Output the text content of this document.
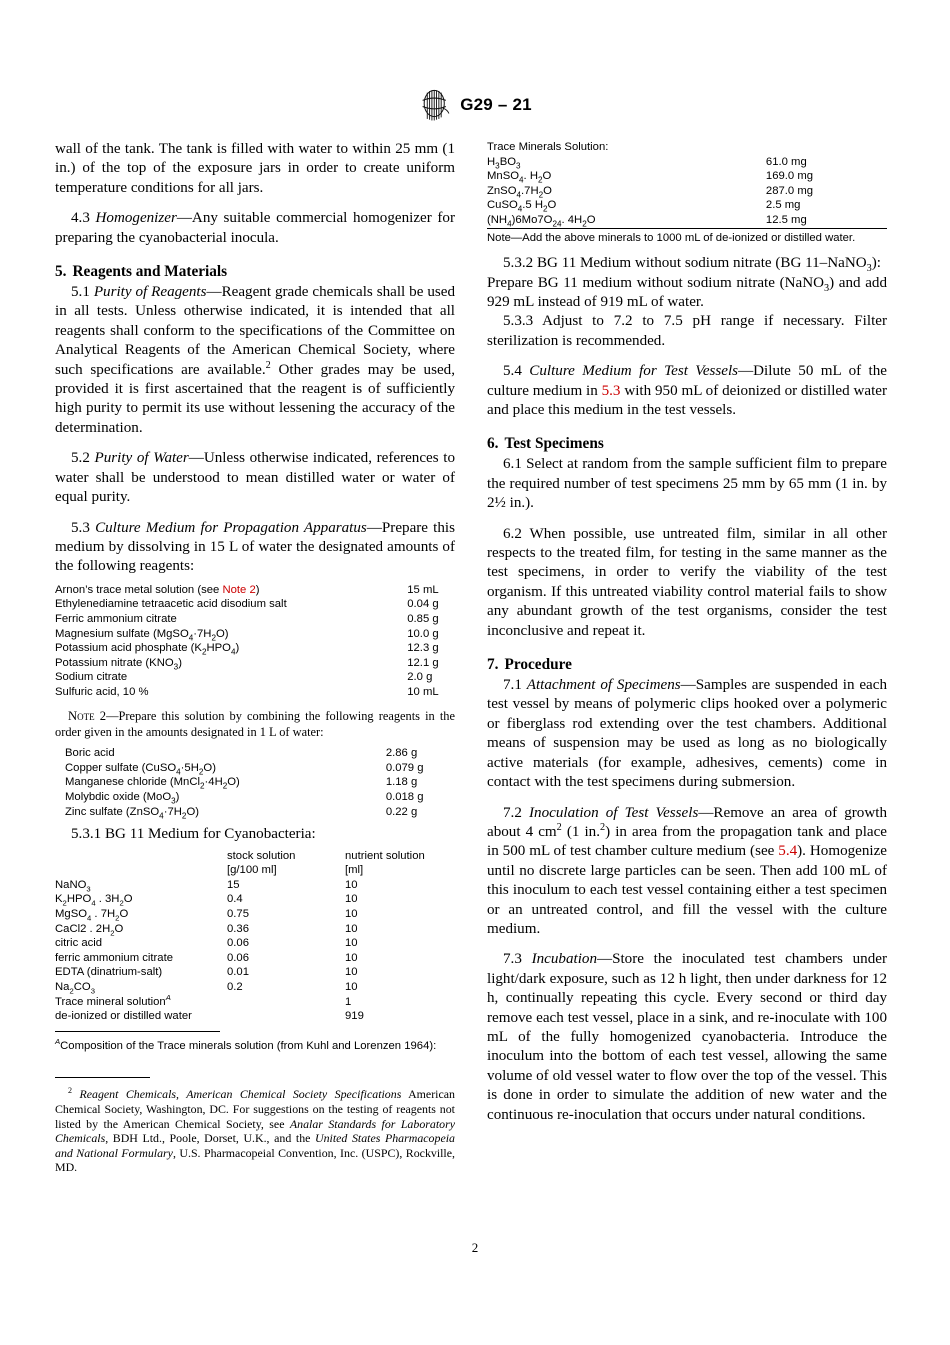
G29 – 21

wall of the tank. The tank is filled with water to within 25 mm (1 in.) of the top of the exposure jars in order to create uniform temperature conditions for all jars.

4.3 Homogenizer—Any suitable commercial homogenizer for preparing the cyanobacterial inocula.

5. Reagents and Materials

5.1 Purity of Reagents—Reagent grade chemicals shall be used in all tests. Unless otherwise indicated, it is intended that all reagents shall conform to the specifications of the Committee on Analytical Reagents of the American Chemical Society, where such specifications are available.$^2$ Other grades may be used, provided it is first ascertained that the reagent is of sufficiently high purity to permit its use without lessening the accuracy of the determination.

5.2 Purity of Water—Unless otherwise indicated, references to water shall be understood to mean distilled water or water of equal purity.

5.3 Culture Medium for Propagation Apparatus—Prepare this medium by dissolving in 15 L of water the designated amounts of the following reagents:

Arnon’s trace metal solution (see Note 2)	15 mL
Ethylenediamine tetraacetic acid disodium salt	0.04 g
Ferric ammonium citrate	0.85 g
Magnesium sulfate $(MgSO_4\cdot 7H_2O)$	10.0 g
Potassium acid phosphate $(K_2HPO_4)$	12.3 g
Potassium nitrate $(KNO_3)$	12.1 g
Sodium citrate	2.0 g
Sulfuric acid, 10 %	10 mL

Note 2—Prepare this solution by combining the following reagents in the order given in the amounts designated in 1 L of water:

Boric acid	2.86 g
Copper sulfate $(CuSO_4\cdot 5H_2O)$	0.079 g
Manganese chloride $(MnCl_2\cdot 4H_2O)$	1.18 g
Molybdic oxide (MoO$_3$)	0.018 g
Zinc sulfate $(ZnSO_4\cdot 7H_2O)$	0.22 g

5.3.1 BG 11 Medium for Cyanobacteria:

	stock solution	nutrient solution
	[g/100 ml]	[ml]
NaNO$_3$	15	10
$K_2HPO_4$ . $3H_2O$	0.4	10
MgSO$_4$ . $7H_2O$	0.75	10
CaCl2 . $2H_2O$	0.36	10
citric acid	0.06	10
ferric ammonium citrate	0.06	10
EDTA (dinatrium-salt)	0.01	10
$Na_2CO_3$	0.2	10
Trace mineral solution$^A$		1
de-ionized or distilled water		919
$^A$Composition of the Trace minerals solution (from Kuhl and Lorenzen 1964):

$^2$ Reagent Chemicals, American Chemical Society Specifications American Chemical Society, Washington, DC. For suggestions on the testing of reagents not listed by the American Chemical Society, see Analar Standards for Laboratory Chemicals, BDH Ltd., Poole, Dorset, U.K., and the United States Pharmacopeia and National Formulary, U.S. Pharmacopeial Convention, Inc. (USPC), Rockville, MD.

Trace Minerals Solution:
$H_3BO_3$	61.0 mg
MnSO$_4$. $H_2O$	169.0 mg
$ZnSO_4.7H_2O$	287.0 mg
CuSO$_4$.5 $H_2O$	2.5 mg
$(NH_4)6Mo7O_{24}$. $4H_2O$	12.5 mg
Note—Add the above minerals to 1000 mL of de-ionized or distilled water.

5.3.2 BG 11 Medium without sodium nitrate (BG 11–NaNO$_3$):

Prepare BG 11 medium without sodium nitrate (NaNO$_3$) and add 929 mL instead of 919 mL of water.

5.3.3 Adjust to 7.2 to 7.5 pH range if necessary. Filter sterilization is recommended.

5.4 Culture Medium for Test Vessels—Dilute 50 mL of the culture medium in 5.3 with 950 mL of deionized or distilled water and place this medium in the test vessels.

6. Test Specimens

6.1 Select at random from the sample sufficient film to prepare the required number of test specimens 25 mm by 65 mm (1 in. by 2½ in.).

6.2 When possible, use untreated film, similar in all other respects to the treated film, for testing in the same manner as the test specimens, in order to verify the viability of the test organism. If this untreated viability control material fails to show any abundant growth of the test organisms, consider the test inconclusive and repeat it.

7. Procedure

7.1 Attachment of Specimens—Samples are suspended in each test vessel by means of polymeric clips hooked over a polymeric or fiberglass rod extending over the test chambers. Additional means of suspension may be used as long as no biologically active materials (for example, adhesives, cements) come in contact with the test specimens during submersion.

7.2 Inoculation of Test Vessels—Remove an area of growth about 4 $cm^2$ (1 in.$^2$) in area from the propagation tank and place in 500 mL of test chamber culture medium (see 5.4). Homogenize until no discrete large particles can be seen. Then add 100 mL of this inoculum to each test vessel containing either a test specimen or an untreated control, and fill the vessel with the culture medium.

7.3 Incubation—Store the inoculated test chambers under light/dark exposure, such as 12 h light, then under darkness for 12 h, continually repeating this cycle. Every second or third day remove each test vessel, place in a sink, and re-inoculate with 100 mL of the fully homogenized cyanobacteria. Introduce the inoculum into the bottom of each test vessel, allowing the same volume of old vessel water to flow over the top of the vessel. This is done in order to simulate the addition of new water and the continuous re-inoculation that occurs under natural conditions.

2
